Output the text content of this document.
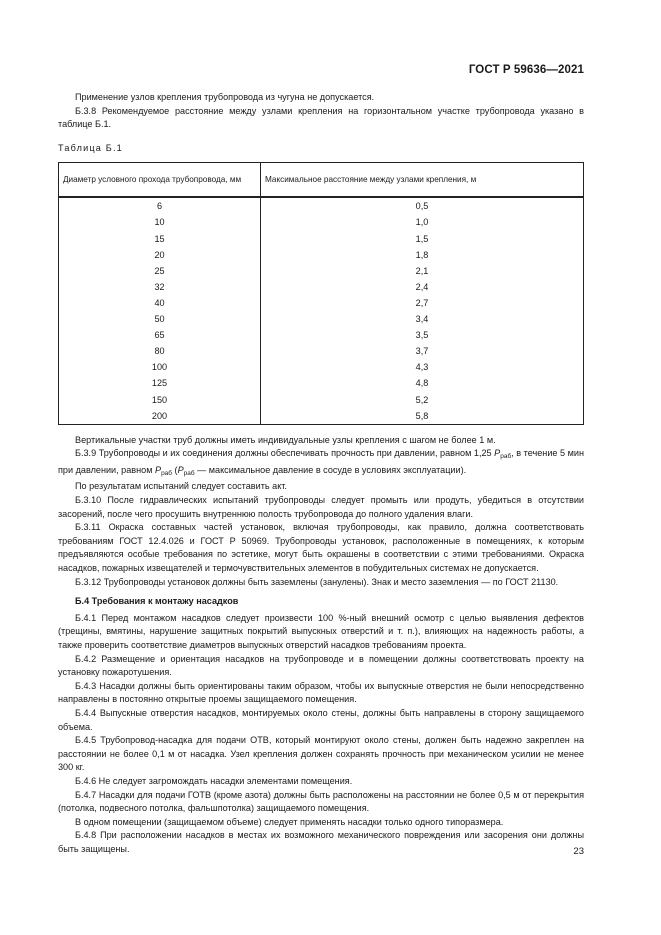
ГОСТ Р 59636—2021

Применение узлов крепления трубопровода из чугуна не допускается.

Б.3.8 Рекомендуемое расстояние между узлами крепления на горизонтальном участке трубопровода указано в таблице Б.1.

Таблица Б.1
Диаметр условного прохода трубопровода, мм	Максимальное расстояние между узлами крепления, м
6	0,5
10	1,0
15	1,5
20	1,8
25	2,1
32	2,4
40	2,7
50	3,4
65	3,5
80	3,7
100	4,3
125	4,8
150	5,2
200	5,8

Вертикальные участки труб должны иметь индивидуальные узлы крепления с шагом не более 1 м.

Б.3.9 Трубопроводы и их соединения должны обеспечивать прочность при давлении, равном 1,25 $P_{раб}$, в течение 5 мин при давлении, равном $P_{раб}$ ($P_{раб}$ — максимальное давление в сосуде в условиях эксплуатации).

По результатам испытаний следует составить акт.

Б.3.10 После гидравлических испытаний трубопроводы следует промыть или продуть, убедиться в отсутствии засорений, после чего просушить внутреннюю полость трубопровода до полного удаления влаги.

Б.3.11 Окраска составных частей установок, включая трубопроводы, как правило, должна соответствовать требованиям ГОСТ 12.4.026 и ГОСТ Р 50969. Трубопроводы установок, расположенные в помещениях, к которым предъявляются особые требования по эстетике, могут быть окрашены в соответствии с этими требованиями. Окраска насадков, пожарных извещателей и термочувствительных элементов в побудительных системах не допускается.

Б.3.12 Трубопроводы установок должны быть заземлены (занулены). Знак и место заземления — по ГОСТ 21130.

Б.4 Требования к монтажу насадков

Б.4.1 Перед монтажом насадков следует произвести 100 %-ный внешний осмотр с целью выявления дефектов (трещины, вмятины, нарушение защитных покрытий выпускных отверстий и т. п.), влияющих на надежность работы, а также проверить соответствие диаметров выпускных отверстий насадков требованиям проекта.

Б.4.2 Размещение и ориентация насадков на трубопроводе и в помещении должны соответствовать проекту на установку пожаротушения.

Б.4.3 Насадки должны быть ориентированы таким образом, чтобы их выпускные отверстия не были непосредственно направлены в постоянно открытые проемы защищаемого помещения.

Б.4.4 Выпускные отверстия насадков, монтируемых около стены, должны быть направлены в сторону защищаемого объема.

Б.4.5 Трубопровод-насадка для подачи ОТВ, который монтируют около стены, должен быть надежно закреплен на расстоянии не более 0,1 м от насадка. Узел крепления должен сохранять прочность при механическом усилии не менее 300 кг.

Б.4.6 Не следует загромождать насадки элементами помещения.

Б.4.7 Насадки для подачи ГОТВ (кроме азота) должны быть расположены на расстоянии не более 0,5 м от перекрытия (потолка, подвесного потолка, фальшпотолка) защищаемого помещения.

В одном помещении (защищаемом объеме) следует применять насадки только одного типоразмера.

Б.4.8 При расположении насадков в местах их возможного механического повреждения или засорения они должны быть защищены.	23
